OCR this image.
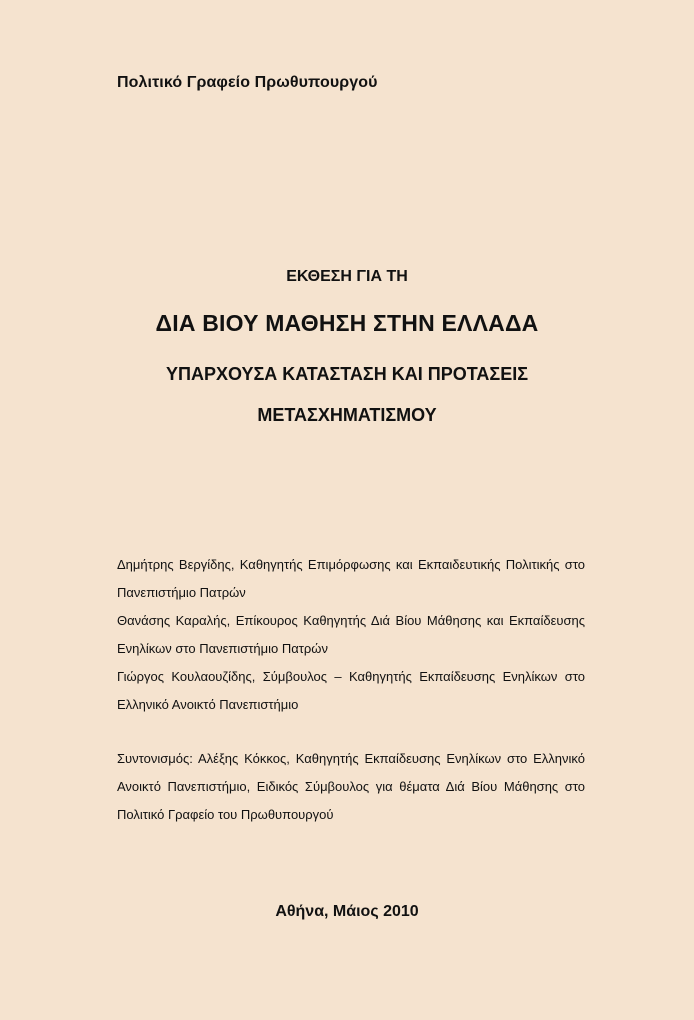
Πολιτικό Γραφείο Πρωθυπουργού
ΕΚΘΕΣΗ ΓΙΑ ΤΗ
ΔΙΑ ΒΙΟΥ ΜΑΘΗΣΗ ΣΤΗΝ ΕΛΛΑΔΑ
ΥΠΑΡΧΟΥΣΑ ΚΑΤΑΣΤΑΣΗ ΚΑΙ ΠΡΟΤΑΣΕΙΣ
ΜΕΤΑΣΧΗΜΑΤΙΣΜΟΥ
Δημήτρης Βεργίδης, Καθηγητής Επιμόρφωσης και Εκπαιδευτικής Πολιτικής στο Πανεπιστήμιο Πατρών
Θανάσης Καραλής, Επίκουρος Καθηγητής Διά Βίου Μάθησης και Εκπαίδευσης Ενηλίκων στο Πανεπιστήμιο Πατρών
Γιώργος Κουλαουζίδης, Σύμβουλος – Καθηγητής Εκπαίδευσης Ενηλίκων στο Ελληνικό Ανοικτό Πανεπιστήμιο
Συντονισμός: Αλέξης Κόκκος, Καθηγητής Εκπαίδευσης Ενηλίκων στο Ελληνικό Ανοικτό Πανεπιστήμιο, Ειδικός Σύμβουλος για θέματα Διά Βίου Μάθησης στο Πολιτικό Γραφείο του Πρωθυπουργού
Αθήνα, Μάιος 2010
